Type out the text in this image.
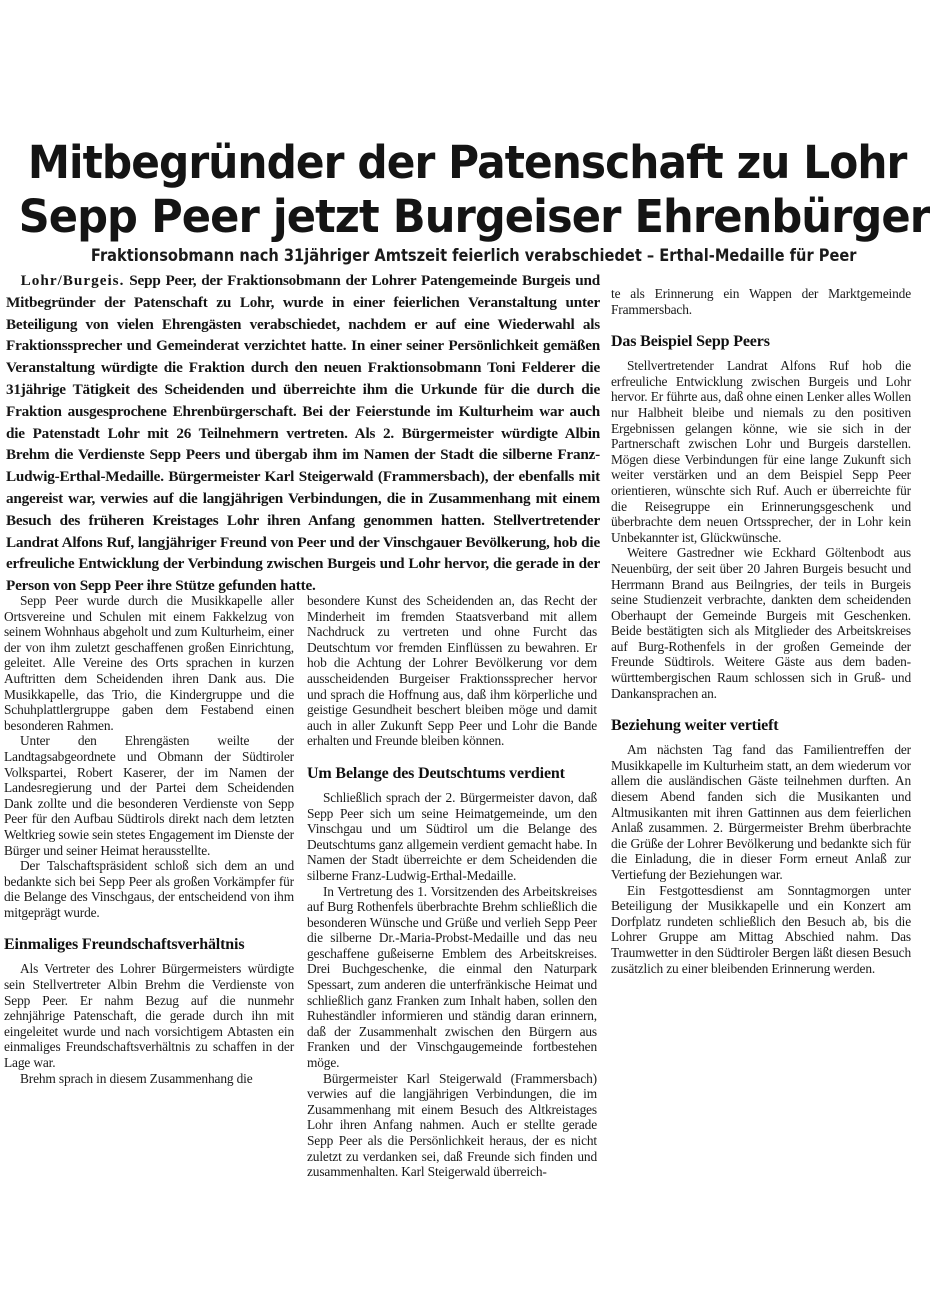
Mitbegründer der Patenschaft zu Lohr
Sepp Peer jetzt Burgeiser Ehrenbürger
Fraktionsobmann nach 31jähriger Amtszeit feierlich verabschiedet – Erthal-Medaille für Peer
Lohr/Burgeis. Sepp Peer, der Fraktionsobmann der Lohrer Patengemeinde Burgeis und Mitbegründer der Patenschaft zu Lohr, wurde in einer feierlichen Veranstaltung unter Beteiligung von vielen Ehrengästen verabschiedet, nachdem er auf eine Wiederwahl als Fraktionssprecher und Gemeinderat verzichtet hatte. In einer seiner Persönlichkeit gemäßen Veranstaltung würdigte die Fraktion durch den neuen Fraktionsobmann Toni Felderer die 31jährige Tätigkeit des Scheidenden und überreichte ihm die Urkunde für die durch die Fraktion ausgesprochene Ehrenbürgerschaft. Bei der Feierstunde im Kulturheim war auch die Patenstadt Lohr mit 26 Teilnehmern vertreten. Als 2. Bürgermeister würdigte Albin Brehm die Verdienste Sepp Peers und übergab ihm im Namen der Stadt die silberne Franz-Ludwig-Erthal-Medaille. Bürgermeister Karl Steigerwald (Frammersbach), der ebenfalls mit angereist war, verwies auf die langjährigen Verbindungen, die in Zusammenhang mit einem Besuch des früheren Kreistages Lohr ihren Anfang genommen hatten. Stellvertretender Landrat Alfons Ruf, langjähriger Freund von Peer und der Vinschgauer Bevölkerung, hob die erfreuliche Entwicklung der Verbindung zwischen Burgeis und Lohr hervor, die gerade in der Person von Sepp Peer ihre Stütze gefunden hatte.

Sepp Peer wurde durch die Musikkapelle aller Ortsvereine und Schulen mit einem Fakkelzug von seinem Wohnhaus abgeholt und zum Kulturheim, einer der von ihm zuletzt geschaffenen großen Einrichtung, geleitet. Alle Vereine des Orts sprachen in kurzen Auftritten dem Scheidenden ihren Dank aus. Die Musikkapelle, das Trio, die Kindergruppe und die Schuhplattlergruppe gaben dem Festabend einen besonderen Rahmen.

Unter den Ehrengästen weilte der Landtagsabgeordnete und Obmann der Südtiroler Volkspartei, Robert Kaserer, der im Namen der Landesregierung und der Partei dem Scheidenden Dank zollte und die besonderen Verdienste von Sepp Peer für den Aufbau Südtirols direkt nach dem letzten Weltkrieg sowie sein stetes Engagement im Dienste der Bürger und seiner Heimat herausstellte.

Der Talschaftspräsident schloß sich dem an und bedankte sich bei Sepp Peer als großen Vorkämpfer für die Belange des Vinschgaus, der entscheidend von ihm mitgeprägt wurde.

Einmaliges Freundschaftsverhältnis

Als Vertreter des Lohrer Bürgermeisters würdigte sein Stellvertreter Albin Brehm die Verdienste von Sepp Peer. Er nahm Bezug auf die nunmehr zehnjährige Patenschaft, die gerade durch ihn mit eingeleitet wurde und nach vorsichtigem Abtasten ein einmaliges Freundschaftsverhältnis zu schaffen in der Lage war.

Brehm sprach in diesem Zusammenhang die

besondere Kunst des Scheidenden an, das Recht der Minderheit im fremden Staatsverband mit allem Nachdruck zu vertreten und ohne Furcht das Deutschtum vor fremden Einflüssen zu bewahren. Er hob die Achtung der Lohrer Bevölkerung vor dem ausscheidenden Burgeiser Fraktionssprecher hervor und sprach die Hoffnung aus, daß ihm körperliche und geistige Gesundheit beschert bleiben möge und damit auch in aller Zukunft Sepp Peer und Lohr die Bande erhalten und Freunde bleiben können.

Um Belange des Deutschtums verdient

Schließlich sprach der 2. Bürgermeister davon, daß Sepp Peer sich um seine Heimatgemeinde, um den Vinschgau und um Südtirol um die Belange des Deutschtums ganz allgemein verdient gemacht habe. In Namen der Stadt überreichte er dem Scheidenden die silberne Franz-Ludwig-Erthal-Medaille.

In Vertretung des 1. Vorsitzenden des Arbeitskreises auf Burg Rothenfels überbrachte Brehm schließlich die besonderen Wünsche und Grüße und verlieh Sepp Peer die silberne Dr.-Maria-Probst-Medaille und das neu geschaffene gußeiserne Emblem des Arbeitskreises. Drei Buchgeschenke, die einmal den Naturpark Spessart, zum anderen die unterfränkische Heimat und schließlich ganz Franken zum Inhalt haben, sollen den Ruheständler informieren und ständig daran erinnern, daß der Zusammenhalt zwischen den Bürgern aus Franken und der Vinschgaugemeinde fortbestehen möge.

Bürgermeister Karl Steigerwald (Frammersbach) verwies auf die langjährigen Verbindungen, die im Zusammenhang mit einem Besuch des Altkreistages Lohr ihren Anfang nahmen. Auch er stellte gerade Sepp Peer als die Persönlichkeit heraus, der es nicht zuletzt zu verdanken sei, daß Freunde sich finden und zusammenhalten. Karl Steigerwald überreich-

te als Erinnerung ein Wappen der Marktgemeinde Frammersbach.

Das Beispiel Sepp Peers

Stellvertretender Landrat Alfons Ruf hob die erfreuliche Entwicklung zwischen Burgeis und Lohr hervor. Er führte aus, daß ohne einen Lenker alles Wollen nur Halbheit bleibe und niemals zu den positiven Ergebnissen gelangen könne, wie sie sich in der Partnerschaft zwischen Lohr und Burgeis darstellen. Mögen diese Verbindungen für eine lange Zukunft sich weiter verstärken und an dem Beispiel Sepp Peer orientieren, wünschte sich Ruf. Auch er überreichte für die Reisegruppe ein Erinnerungsgeschenk und überbrachte dem neuen Ortssprecher, der in Lohr kein Unbekannter ist, Glückwünsche.

Weitere Gastredner wie Eckhard Göltenbodt aus Neuenbürg, der seit über 20 Jahren Burgeis besucht und Herrmann Brand aus Beilngries, der teils in Burgeis seine Studienzeit verbrachte, dankten dem scheidenden Oberhaupt der Gemeinde Burgeis mit Geschenken. Beide bestätigten sich als Mitglieder des Arbeitskreises auf Burg-Rothenfels in der großen Gemeinde der Freunde Südtirols. Weitere Gäste aus dem baden-württembergischen Raum schlossen sich in Gruß- und Dankansprachen an.

Beziehung weiter vertieft

Am nächsten Tag fand das Familientreffen der Musikkapelle im Kulturheim statt, an dem wiederum vor allem die ausländischen Gäste teilnehmen durften. An diesem Abend fanden sich die Musikanten und Altmusikanten mit ihren Gattinnen aus dem feierlichen Anlaß zusammen. 2. Bürgermeister Brehm überbrachte die Grüße der Lohrer Bevölkerung und bedankte sich für die Einladung, die in dieser Form erneut Anlaß zur Vertiefung der Beziehungen war.

Ein Festgottesdienst am Sonntagmorgen unter Beteiligung der Musikkapelle und ein Konzert am Dorfplatz rundeten schließlich den Besuch ab, bis die Lohrer Gruppe am Mittag Abschied nahm. Das Traumwetter in den Südtiroler Bergen läßt diesen Besuch zusätzlich zu einer bleibenden Erinnerung werden.
